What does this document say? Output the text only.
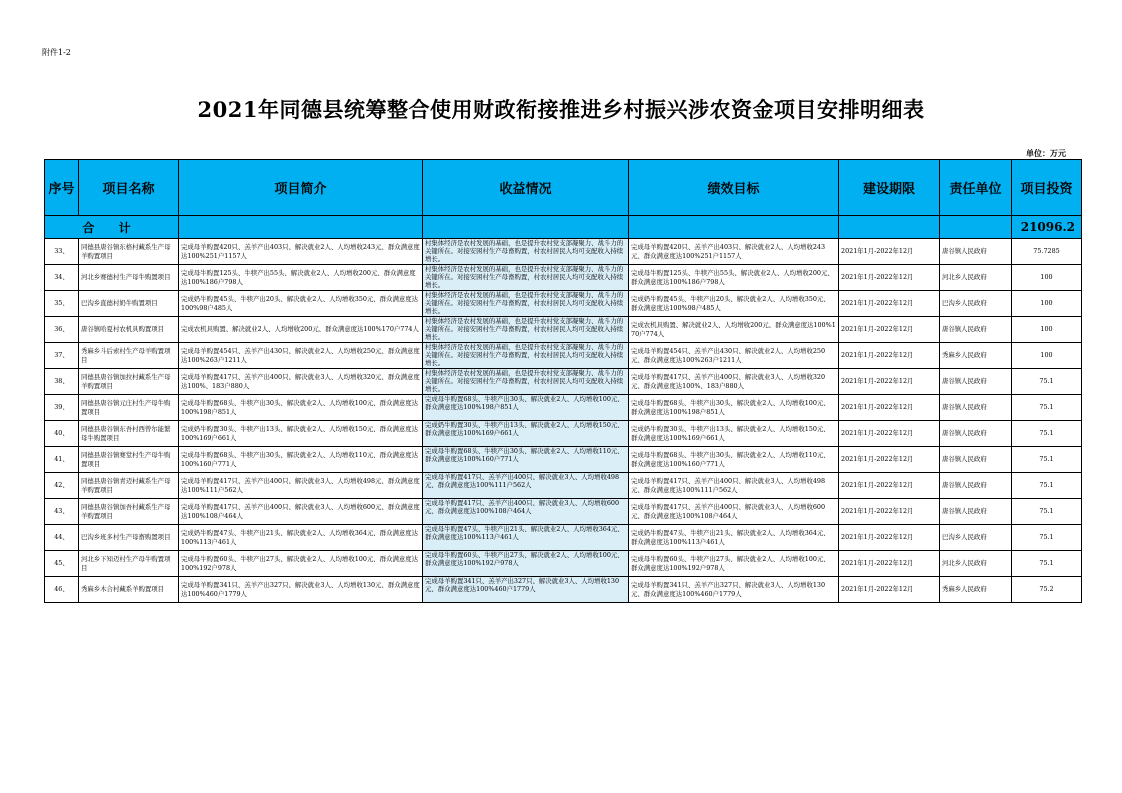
附件1-2
2021年同德县统筹整合使用财政衔接推进乡村振兴涉农资金项目安排明细表
单位：万元
序号	项目名称	项目简介	收益情况	绩效目标	建设期限	责任单位	项目投资
合 计							21096.2
33、	同德县唐谷镇东格村藏系生产母羊购置项目	完成母羊购置420只、羔羊产出403只、解决就业2人、人均增收243元、群众满意度达100%251户1157人	村集体经济是农村发展的基础，也是提升农村党支部凝聚力、战斗力的关键所在。对接安困村生产母畜购置，村农村居民人均可支配收入持续增长。	完成母羊购置420只、羔羊产出403只、解决就业2人、人均增收243元、群众满意度达100%251户1157人	2021年1月-2022年12月	唐谷镇人民政府	75.7285
34、	河北乡赛德村生产母牛购置项目	完成母牛购置125头、牛犊产出55头、解决就业2人、人均增收200元、群众满意度达100%186户798人	村集体经济是农村发展的基础，也是提升农村党支部凝聚力、战斗力的关键所在。对接安困村生产母畜购置，村农村居民人均可支配收入持续增长。	完成母牛购置125头、牛犊产出55头、解决就业2人、人均增收200元、群众满意度达100%186户798人	2021年1月-2022年12月	河北乡人民政府	100
35、	巴沟乡直德村奶牛购置项目	完成奶牛购置45头、牛犊产出20头、解决就业2人、人均增收350元、群众满意度达100%98户485人	村集体经济是农村发展的基础，也是提升农村党支部凝聚力、战斗力的关键所在。对接安困村生产母畜购置，村农村居民人均可支配收入持续增长。	完成奶牛购置45头、牛犊产出20头、解决就业2人、人均增收350元、群众满意度达100%98户485人	2021年1月-2022年12月	巴沟乡人民政府	100
36、	唐谷镇哈夏村农机具购置项目	完成农机具购置、解决就业2人、人均增收200元、群众满意度达100%170户774人	村集体经济是农村发展的基础，也是提升农村党支部凝聚力、战斗力的关键所在。对接安困村生产母畜购置，村农村居民人均可支配收入持续增长。	完成农机具购置、解决就业2人、人均增收200元、群众满意度达100%170户774人	2021年1月-2022年12月	唐谷镇人民政府	100
37、	秀麻乡斗后索村生产母羊购置项目	完成母羊购置454只、羔羊产出430只、解决就业2人、人均增收250元、群众满意度达100%263户1211人	村集体经济是农村发展的基础，也是提升农村党支部凝聚力、战斗力的关键所在。对接安困村生产母畜购置，村农村居民人均可支配收入持续增长。	完成母羊购置454只、羔羊产出430只、解决就业2人、人均增收250元、群众满意度达100%263户1211人	2021年1月-2022年12月	秀麻乡人民政府	100
38、	同德县唐谷镇加拉村藏系生产母羊购置项目	完成母羊购置417只、羔羊产出400只、解决就业3人、人均增收320元、群众满意度达100%、183户880人	村集体经济是农村发展的基础，也是提升农村党支部凝聚力、战斗力的关键所在。对接安困村生产母畜购置，村农村居民人均可支配收入持续增长。	完成母羊购置417只、羔羊产出400只、解决就业3人、人均增收320元、群众满意度达100%、183户880人	2021年1月-2022年12月	唐谷镇人民政府	75.1
39、	同德县唐谷镇元庄村生产母牛购置项目	完成母牛购置68头、牛犊产出30头、解决就业2人、人均增收100元、群众满意度达100%198户851人	完成母牛购置68头、牛犊产出30头、解决就业2人、人均增收100元、群众满意度达100%198户851人	完成母牛购置68头、牛犊产出30头、解决就业2人、人均增收100元、群众满意度达100%198户851人	2021年1月-2022年12月	唐谷镇人民政府	75.1
40、	同德县唐谷镇东吾村西曾尔能繁母牛购置项目	完成奶牛购置30头、牛犊产出13头、解决就业2人、人均增收150元、群众满意度达100%169户661人	完成奶牛购置30头、牛犊产出13头、解决就业2人、人均增收150元、群众满意度达100%169户661人	完成奶牛购置30头、牛犊产出13头、解决就业2人、人均增收150元、群众满意度达100%169户661人	2021年1月-2022年12月	唐谷镇人民政府	75.1
41、	同德县唐谷镇赛堂村生产母牛购置项目	完成母牛购置68头、牛犊产出30头、解决就业2人、人均增收110元、群众满意度达100%160户771人	完成母牛购置68头、牛犊产出30头、解决就业2人、人均增收110元、群众满意度达100%160户771人	完成母牛购置68头、牛犊产出30头、解决就业2人、人均增收110元、群众满意度达100%160户771人	2021年1月-2022年12月	唐谷镇人民政府	75.1
42、	同德县唐谷镇青迈村藏系生产母羊购置项目	完成母羊购置417只、羔羊产出400只、解决就业3人、人均增收498元、群众满意度达100%111户562人	完成母羊购置417只、羔羊产出400只、解决就业3人、人均增收498元、群众满意度达100%111户562人	完成母羊购置417只、羔羊产出400只、解决就业3人、人均增收498元、群众满意度达100%111户562人	2021年1月-2022年12月	唐谷镇人民政府	75.1
43、	同德县唐谷镇加吾村藏系生产母羊购置项目	完成母羊购置417只、羔羊产出400只、解决就业3人、人均增收600元、群众满意度达100%108户464人	完成母羊购置417只、羔羊产出400只、解决就业3人、人均增收600元、群众满意度达100%108户464人	完成母羊购置417只、羔羊产出400只、解决就业3人、人均增收600元、群众满意度达100%108户464人	2021年1月-2022年12月	唐谷镇人民政府	75.1
44、	巴沟乡班多村生产母畜购置项目	完成奶牛购置47头、牛犊产出21头、解决就业2人、人均增收364元、群众满意度达100%113户461人	完成母牛购置47头、牛犊产出21头、解决就业2人、人均增收364元、群众满意度达100%113户461人	完成奶牛购置47头、牛犊产出21头、解决就业2人、人均增收364元、群众满意度达100%113户461人	2021年1月-2022年12月	巴沟乡人民政府	75.1
45、	河北乡下知迈村生产母牛购置项目	完成母牛购置60头、牛犊产出27头、解决就业2人、人均增收100元、群众满意度达100%192户978人	完成母牛购置60头、牛犊产出27头、解决就业2人、人均增收100元、群众满意度达100%192户978人	完成母牛购置60头、牛犊产出27头、解决就业2人、人均增收100元、群众满意度达100%192户978人	2021年1月-2022年12月	河北乡人民政府	75.1
46、	秀麻乡木合村藏系羊购置项目	完成母羊购置341只、羔羊产出327只、解决就业3人、人均增收130元、群众满意度达100%460户1779人	完成母羊购置341只、羔羊产出327只、解决就业3人、人均增收130元、群众满意度达100%460户1779人	完成母羊购置341只、羔羊产出327只、解决就业3人、人均增收130元、群众满意度达100%460户1779人	2021年1月-2022年12月	秀麻乡人民政府	75.2
